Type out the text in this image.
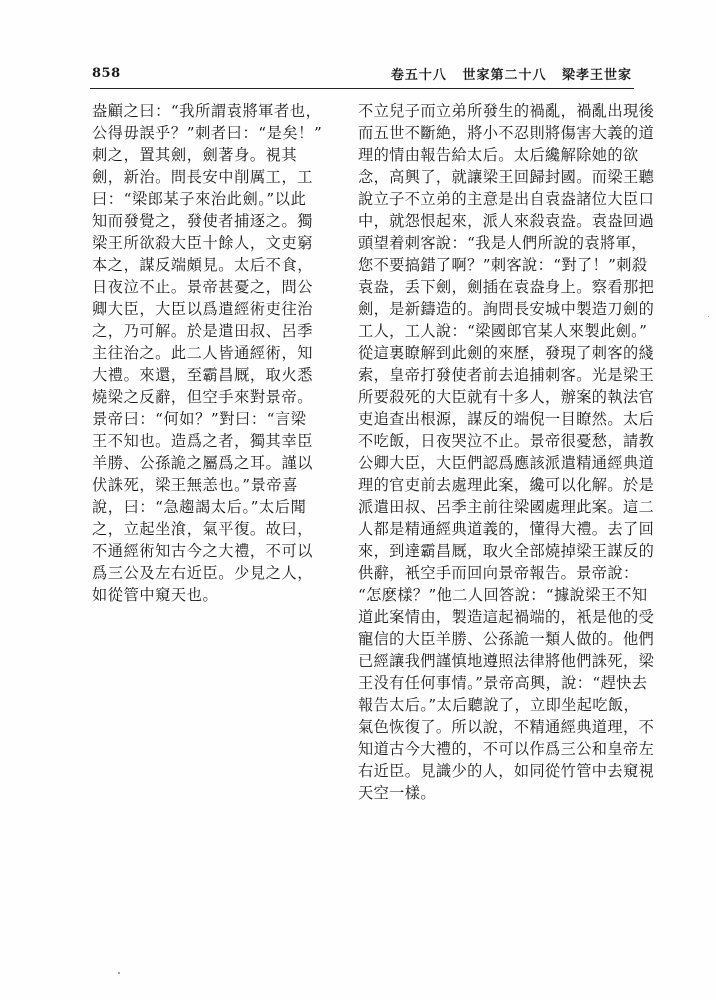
858	卷五十八 世家第二十八 梁孝王世家
盎顧之曰：“我所謂袁將軍者也，
公得毋誤乎？”刺者曰：“是矣！”
刺之，置其劍，劍著身。視其
劍，新治。問長安中削厲工，工
曰：“梁郎某子來治此劍。”以此
知而發覺之，發使者捕逐之。獨
梁王所欲殺大臣十餘人，文吏窮
本之，謀反端頗見。太后不食，
日夜泣不止。景帝甚憂之，問公
卿大臣，大臣以爲遣經術吏往治
之，乃可解。於是遣田叔、呂季
主往治之。此二人皆通經術，知
大禮。來還，至霸昌厩，取火悉
燒梁之反辭，但空手來對景帝。
景帝曰：“何如？”對曰：“言梁
王不知也。造爲之者，獨其幸臣
羊勝、公孫詭之屬爲之耳。謹以
伏誅死，梁王無恙也。”景帝喜
說，曰：“急趨謁太后。”太后聞
之，立起坐湌，氣平復。故曰，
不通經術知古今之大禮，不可以
爲三公及左右近臣。少見之人，
如從管中窺天也。
不立兒子而立弟所發生的禍亂，禍亂出現後
而五世不斷絶，將小不忍則將傷害大義的道
理的情由報告給太后。太后纔解除她的欲
念，高興了，就讓梁王回歸封國。而梁王聽
說立子不立弟的主意是出自袁盎諸位大臣口
中，就怨恨起來，派人來殺袁盎。袁盎回過
頭望着刺客說：“我是人們所說的袁將軍，
您不要搞錯了啊？”刺客說：“對了！”刺殺
袁盎，丢下劍，劍插在袁盎身上。察看那把
劍，是新鑄造的。詢問長安城中製造刀劍的
工人，工人說：“梁國郎官某人來製此劍。”
從這裏瞭解到此劍的來歷，發現了刺客的綫
索，皇帝打發使者前去追捕刺客。光是梁王
所要殺死的大臣就有十多人，辦案的執法官
吏追查出根源，謀反的端倪一目瞭然。太后
不吃飯，日夜哭泣不止。景帝很憂愁，請教
公卿大臣，大臣們認爲應該派遣精通經典道
理的官吏前去處理此案，纔可以化解。於是
派遣田叔、呂季主前往梁國處理此案。這二
人都是精通經典道義的，懂得大禮。去了回
來，到達霸昌厩，取火全部燒掉梁王謀反的
供辭，衹空手而回向景帝報告。景帝說：
“怎麽樣？”他二人回答說：“據說梁王不知
道此案情由，製造這起禍端的，衹是他的受
寵信的大臣羊勝、公孫詭一類人做的。他們
已經讓我們謹慎地遵照法律將他們誅死，梁
王没有任何事情。”景帝高興，說：“趕快去
報告太后。”太后聽說了，立即坐起吃飯，
氣色恢復了。所以說，不精通經典道理，不
知道古今大禮的，不可以作爲三公和皇帝左
右近臣。見識少的人，如同從竹管中去窺視
天空一樣。
